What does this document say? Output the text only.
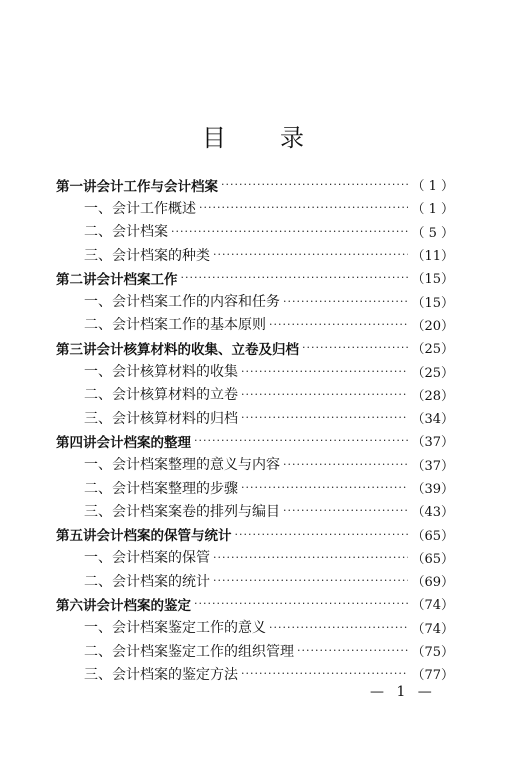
目录
第一讲 会计工作与会计档案 ·····	（ 1 ）
一、会计工作概述 ·····	（ 1 ）
二、会计档案 ·····	（ 5 ）
三、会计档案的种类 ·····	（11）
第二讲 会计档案工作 ·····	（15）
一、会计档案工作的内容和任务 ·····	（15）
二、会计档案工作的基本原则 ·····	（20）
第三讲 会计核算材料的收集、立卷及归档 ·····	（25）
一、会计核算材料的收集 ·····	（25）
二、会计核算材料的立卷 ·····	（28）
三、会计核算材料的归档 ·····	（34）
第四讲 会计档案的整理 ·····	（37）
一、会计档案整理的意义与内容 ·····	（37）
二、会计档案整理的步骤 ·····	（39）
三、会计档案案卷的排列与编目 ·····	（43）
第五讲 会计档案的保管与统计 ·····	（65）
一、会计档案的保管 ·····	（65）
二、会计档案的统计 ·····	（69）
第六讲 会计档案的鉴定 ·····	（74）
一、会计档案鉴定工作的意义 ·····	（74）
二、会计档案鉴定工作的组织管理 ·····	（75）
三、会计档案的鉴定方法 ·····	（77）
— 1 —
